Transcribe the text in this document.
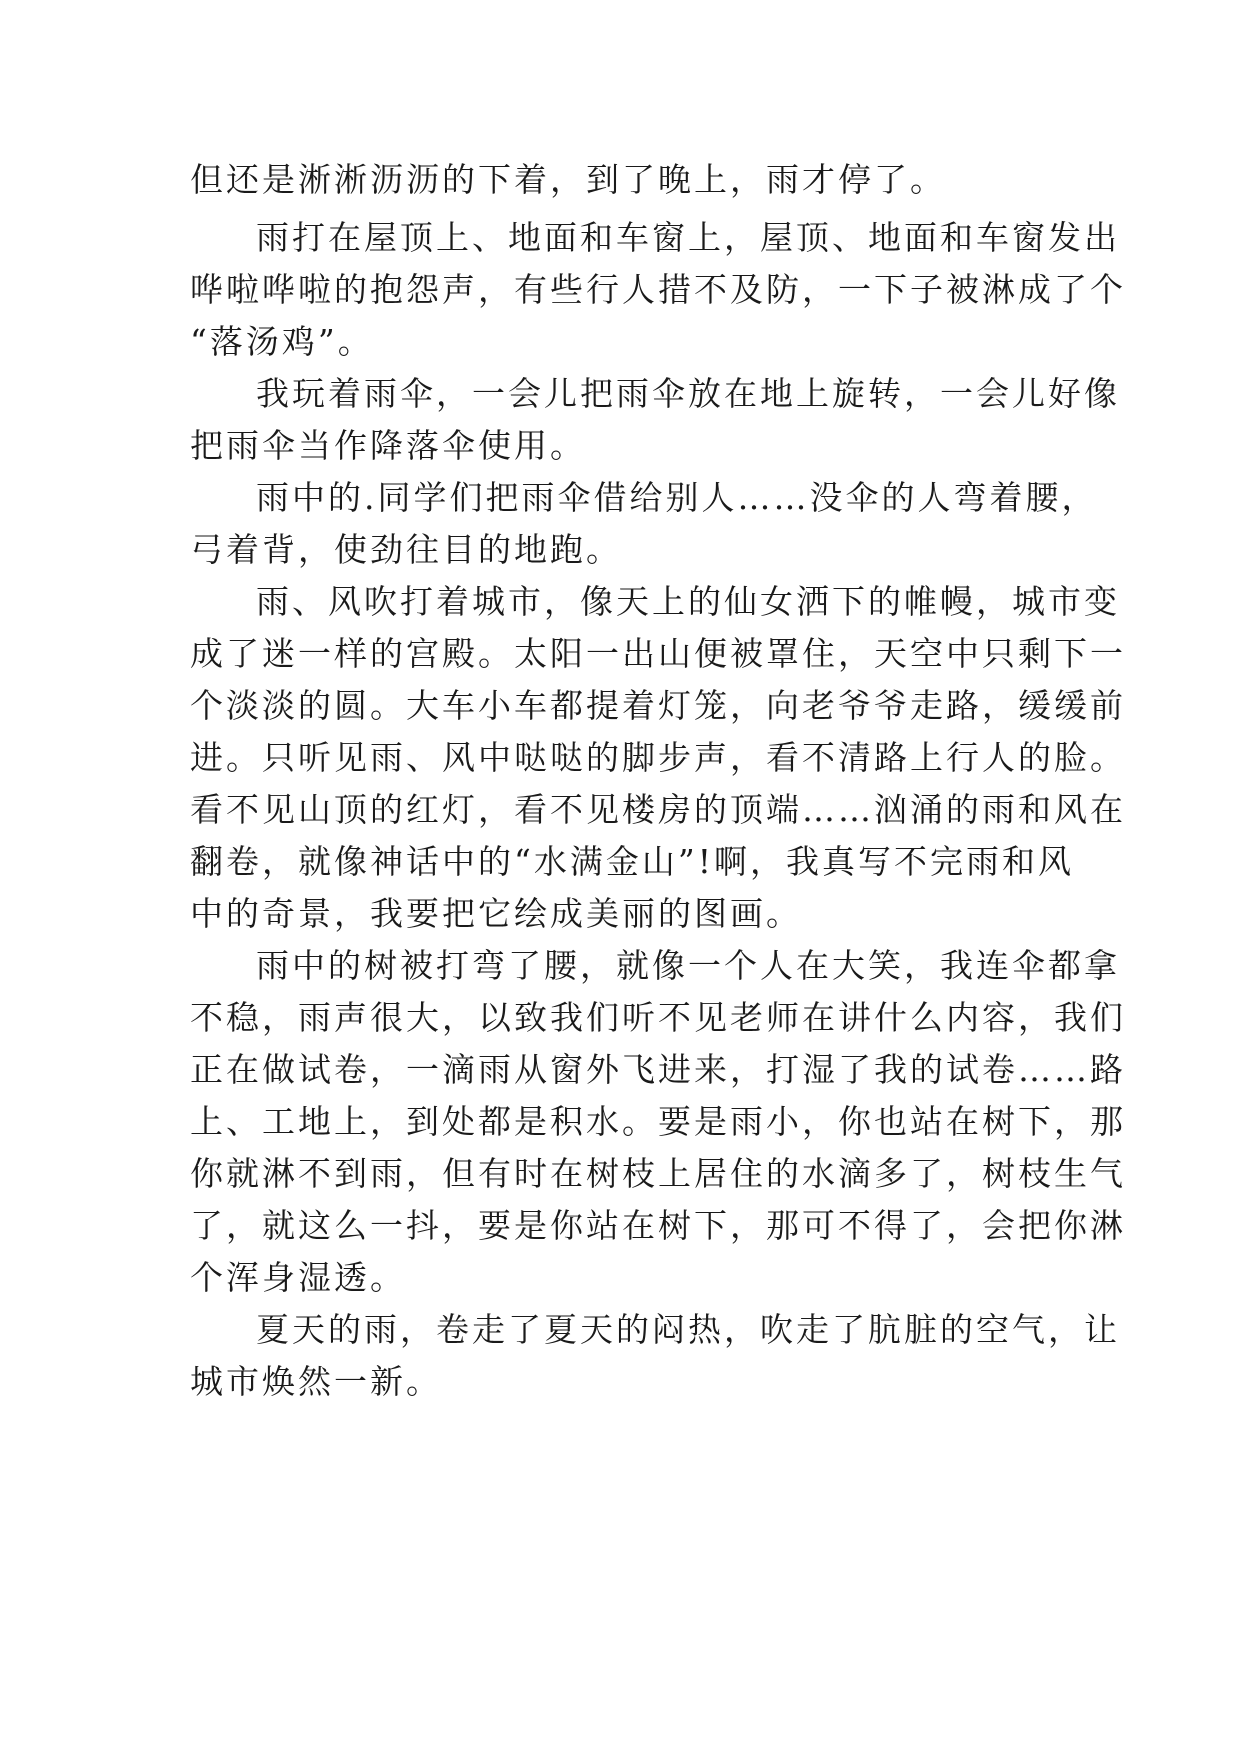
但还是淅淅沥沥的下着，到了晚上，雨才停了。
雨打在屋顶上、地面和车窗上，屋顶、地面和车窗发出
哗啦哗啦的抱怨声，有些行人措不及防，一下子被淋成了个
“落汤鸡”。
我玩着雨伞，一会儿把雨伞放在地上旋转，一会儿好像
把雨伞当作降落伞使用。
雨中的.同学们把雨伞借给别人……没伞的人弯着腰，
弓着背，使劲往目的地跑。
雨、风吹打着城市，像天上的仙女洒下的帷幔，城市变
成了迷一样的宫殿。太阳一出山便被罩住，天空中只剩下一
个淡淡的圆。大车小车都提着灯笼，向老爷爷走路，缓缓前
进。只听见雨、风中哒哒的脚步声，看不清路上行人的脸。
看不见山顶的红灯，看不见楼房的顶端……汹涌的雨和风在
翻卷，就像神话中的“水满金山”!啊，我真写不完雨和风
中的奇景，我要把它绘成美丽的图画。
雨中的树被打弯了腰，就像一个人在大笑，我连伞都拿
不稳，雨声很大，以致我们听不见老师在讲什么内容，我们
正在做试卷，一滴雨从窗外飞进来，打湿了我的试卷……路
上、工地上，到处都是积水。要是雨小，你也站在树下，那
你就淋不到雨，但有时在树枝上居住的水滴多了，树枝生气
了，就这么一抖，要是你站在树下，那可不得了，会把你淋
个浑身湿透。
夏天的雨，卷走了夏天的闷热，吹走了肮脏的空气，让
城市焕然一新。
